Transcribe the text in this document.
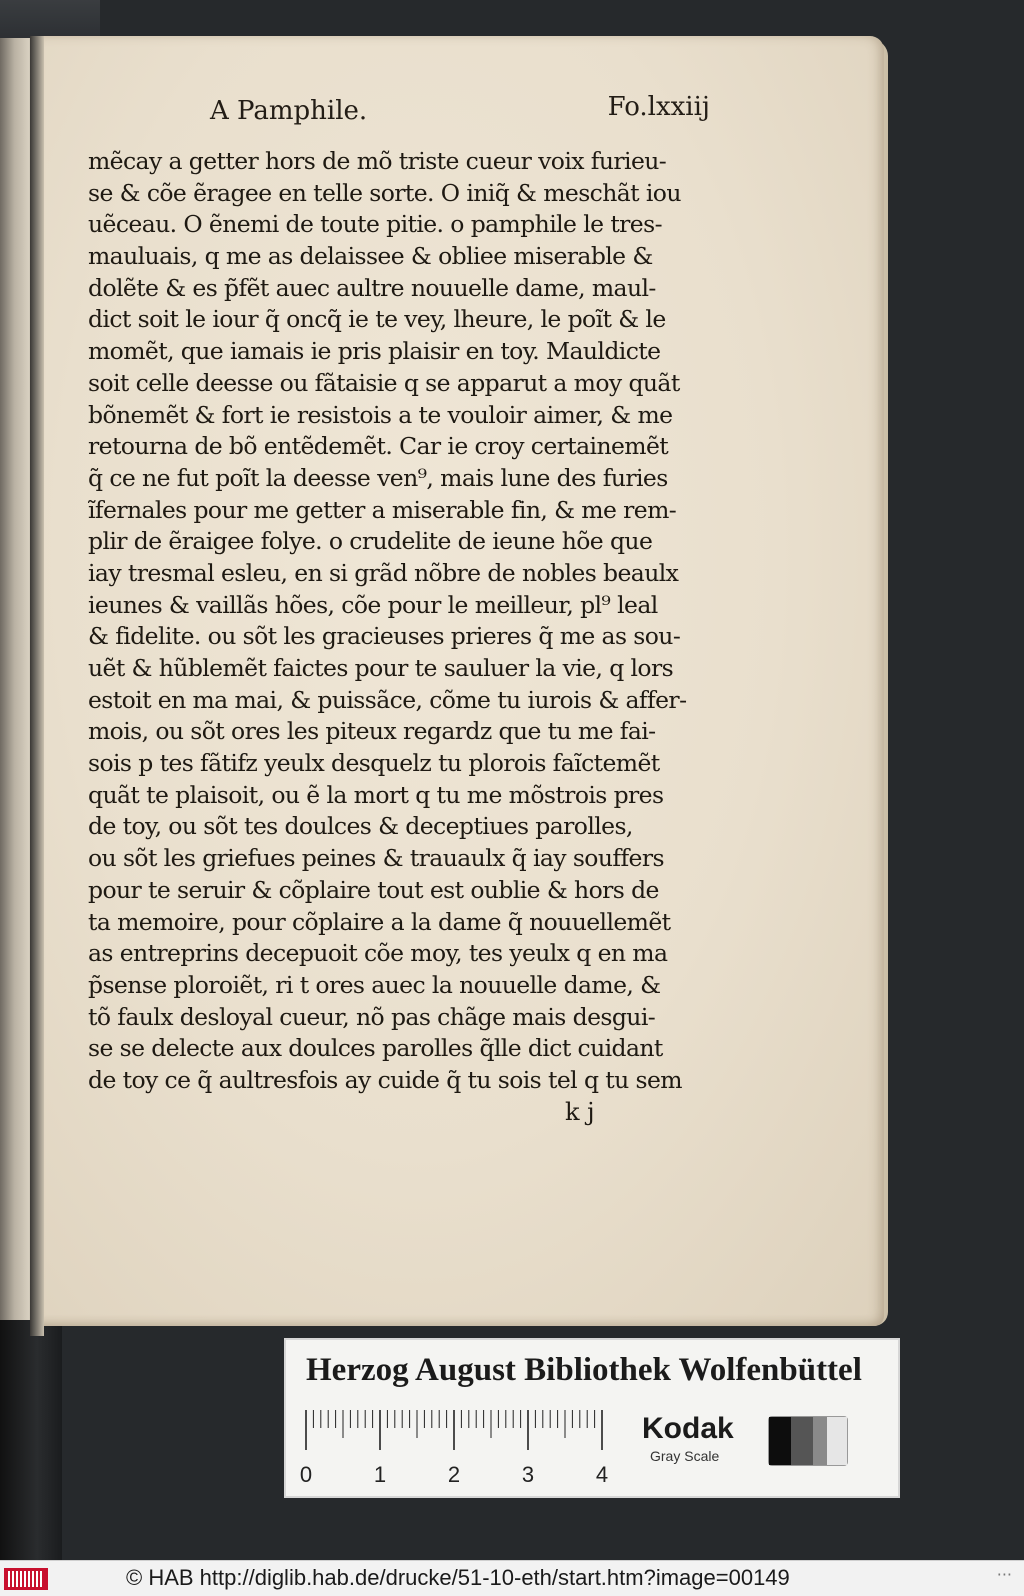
A Pamphile.	Fo.lxxiij
mẽcay a getter hors de mõ triste cueur voix furieu-
se & cõe ẽragee en telle sorte. O iniq̃ & meschãt iou
uẽceau. O ẽnemi de toute pitie. o pamphile le tres-
mauluais, q me as delaissee & obliee miserable &
dolẽte & es p̃fẽt auec aultre nouuelle dame, maul-
dict soit le iour q̃ oncq̃ ie te vey, lheure, le poĩt & le
momẽt, que iamais ie pris plaisir en toy. Mauldicte
soit celle deesse ou fãtaisie q se apparut a moy quãt
bõnemẽt & fort ie resistois a te vouloir aimer, & me
retourna de bõ entẽdemẽt. Car ie croy certainemẽt
q̃ ce ne fut poĩt la deesse ven⁹, mais lune des furies
ĩfernales pour me getter a miserable fin, & me rem-
plir de ẽraigee folye. o crudelite de ieune hõe que
iay tresmal esleu, en si grãd nõbre de nobles beaulx
ieunes & vaillãs hões, cõe pour le meilleur, pl⁹ leal
& fidelite. ou sõt les gracieuses prieres q̃ me as sou-
uẽt & hũblemẽt faictes pour te sauluer la vie, q lors
estoit en ma mai, & puissãce, cõme tu iurois & affer-
mois, ou sõt ores les piteux regardz que tu me fai-
sois p tes fãtifz yeulx desquelz tu plorois faĩctemẽt
quãt te plaisoit, ou ẽ la mort q tu me mõstrois pres
de toy, ou sõt tes doulces & deceptiues parolles,
ou sõt les griefues peines & trauaulx q̃ iay souffers
pour te seruir & cõplaire tout est oublie & hors de
ta memoire, pour cõplaire a la dame q̃ nouuellemẽt
as entreprins decepuoit cõe moy, tes yeulx q en ma
p̃sense ploroiẽt, ri t ores auec la nouuelle dame, &
tõ faulx desloyal cueur, nõ pas chãge mais desgui-
se se delecte aux doulces parolles q̃lle dict cuidant
de toy ce q̃ aultresfois ay cuide q̃ tu sois tel q tu sem
k j
Herzog August Bibliothek Wolfenbüttel
0	1	2	3	4
Kodak
Gray Scale
© HAB http://diglib.hab.de/drucke/51-10-eth/start.htm?image=00149	···
